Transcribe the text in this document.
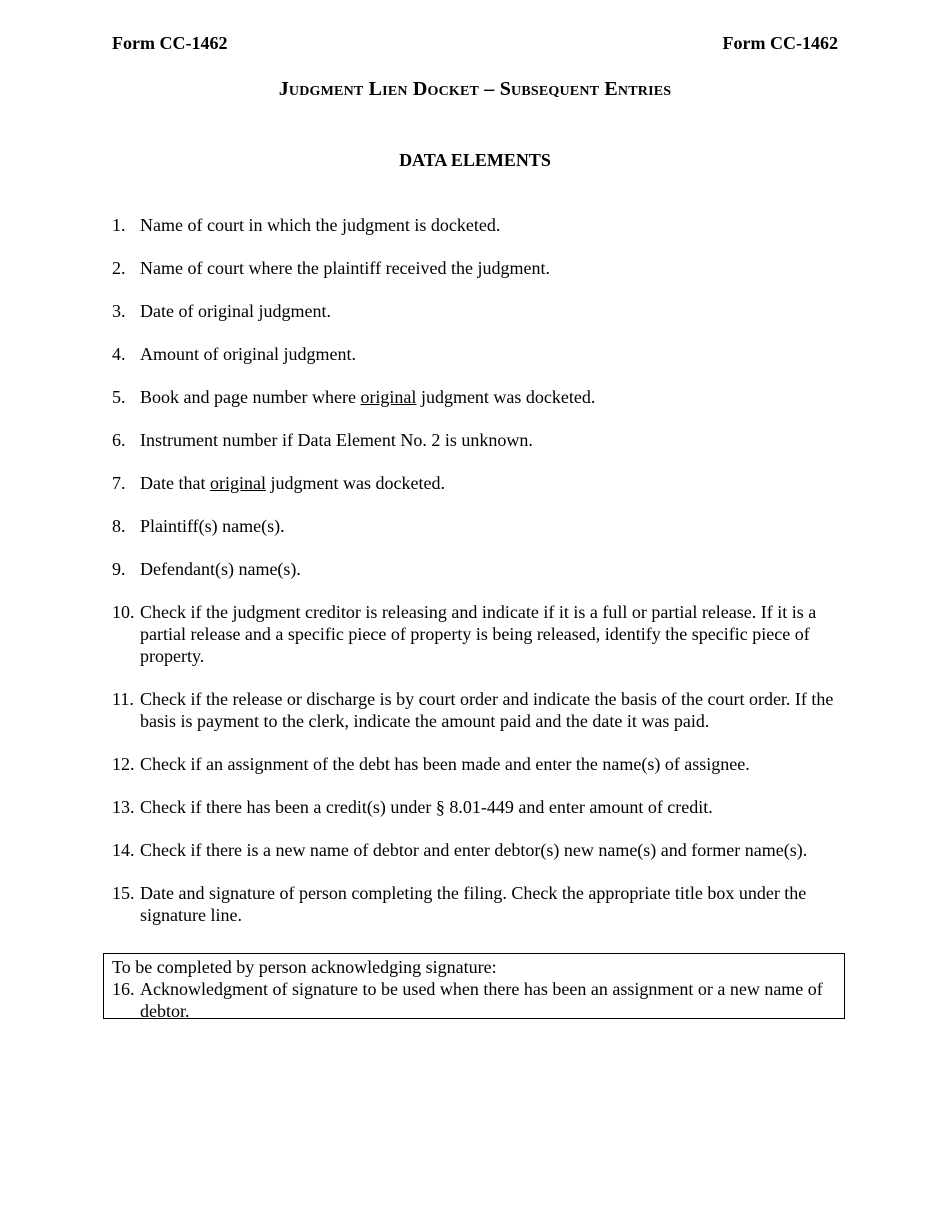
Form CC-1462	Form CC-1462
Judgment Lien Docket – Subsequent Entries
DATA ELEMENTS
1. Name of court in which the judgment is docketed.
2. Name of court where the plaintiff received the judgment.
3. Date of original judgment.
4. Amount of original judgment.
5. Book and page number where original judgment was docketed.
6. Instrument number if Data Element No. 2 is unknown.
7. Date that original judgment was docketed.
8. Plaintiff(s) name(s).
9. Defendant(s) name(s).
10. Check if the judgment creditor is releasing and indicate if it is a full or partial release. If it is a partial release and a specific piece of property is being released, identify the specific piece of property.
11. Check if the release or discharge is by court order and indicate the basis of the court order. If the basis is payment to the clerk, indicate the amount paid and the date it was paid.
12. Check if an assignment of the debt has been made and enter the name(s) of assignee.
13. Check if there has been a credit(s) under § 8.01-449 and enter amount of credit.
14. Check if there is a new name of debtor and enter debtor(s) new name(s) and former name(s).
15. Date and signature of person completing the filing. Check the appropriate title box under the signature line.
To be completed by person acknowledging signature:
16. Acknowledgment of signature to be used when there has been an assignment or a new name of debtor.
